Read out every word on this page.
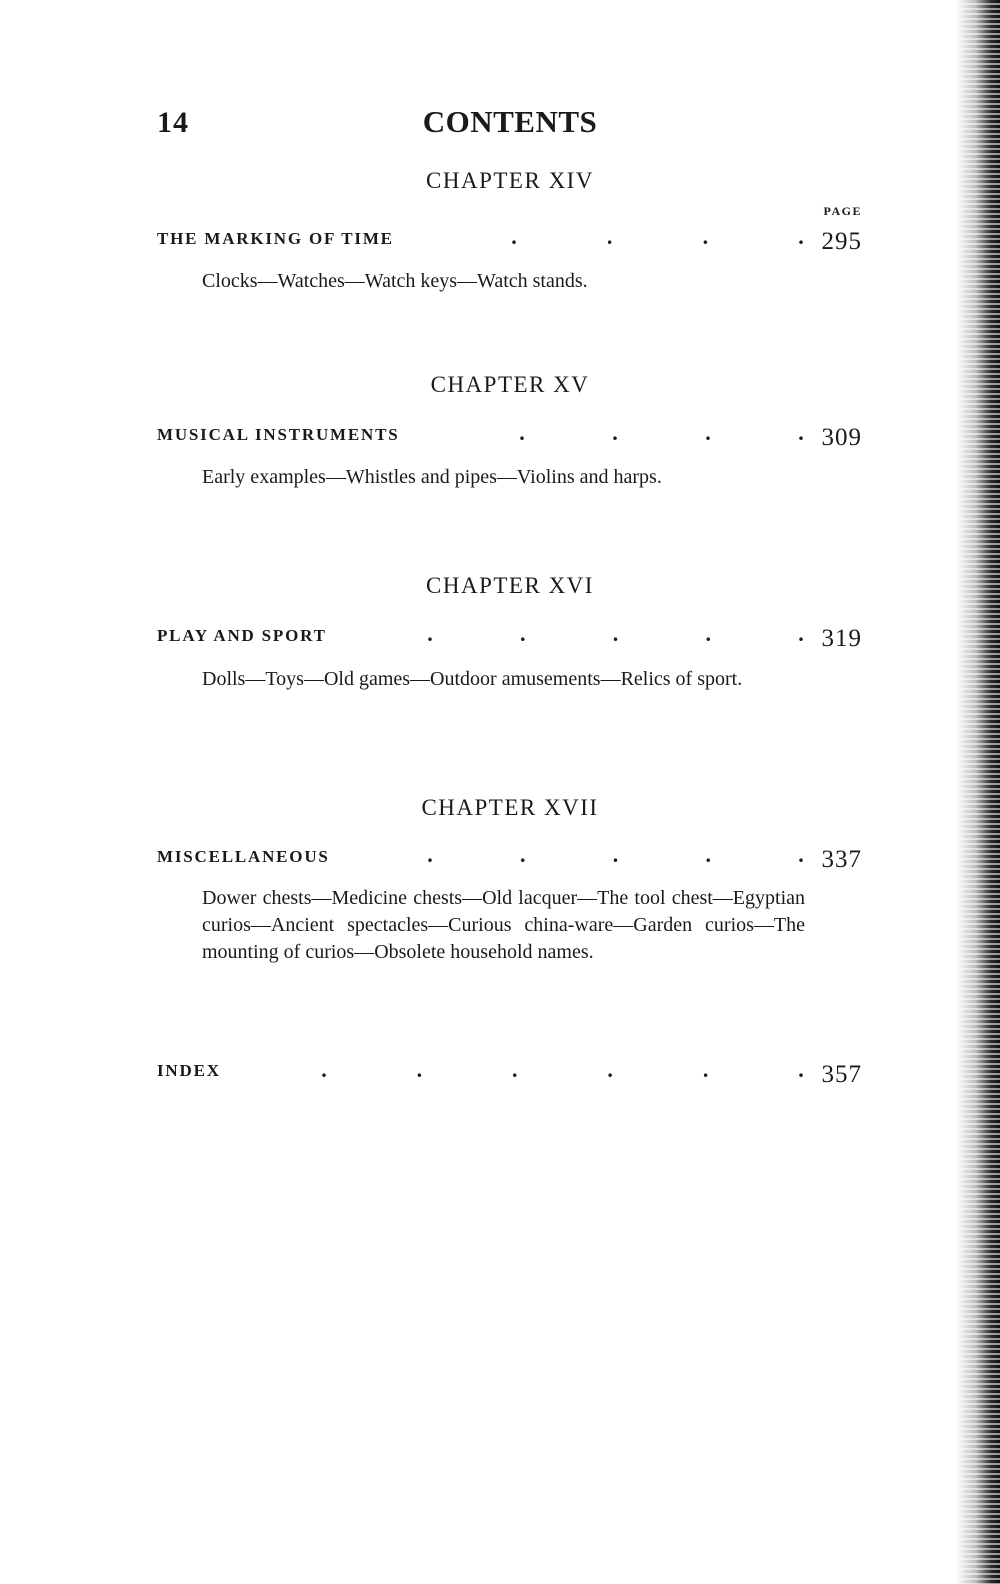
14	CONTENTS
CHAPTER XIV
PAGE
THE MARKING OF TIME	.	.	.	. 295
Clocks—Watches—Watch keys—Watch stands.
CHAPTER XV
MUSICAL INSTRUMENTS	.	.	.	. 309
Early examples—Whistles and pipes—Violins and harps.
CHAPTER XVI
PLAY AND SPORT	.	.	.	.	. 319
Dolls—Toys—Old games—Outdoor amusements—Relics of sport.
CHAPTER XVII
MISCELLANEOUS	.	.	.	.	. 337
Dower chests—Medicine chests—Old lacquer—The tool chest—Egyptian curios—Ancient spectacles—Curious china-ware—Garden curios—The mounting of curios—Obsolete household names.
INDEX	.	.	.	.	.	. 357
